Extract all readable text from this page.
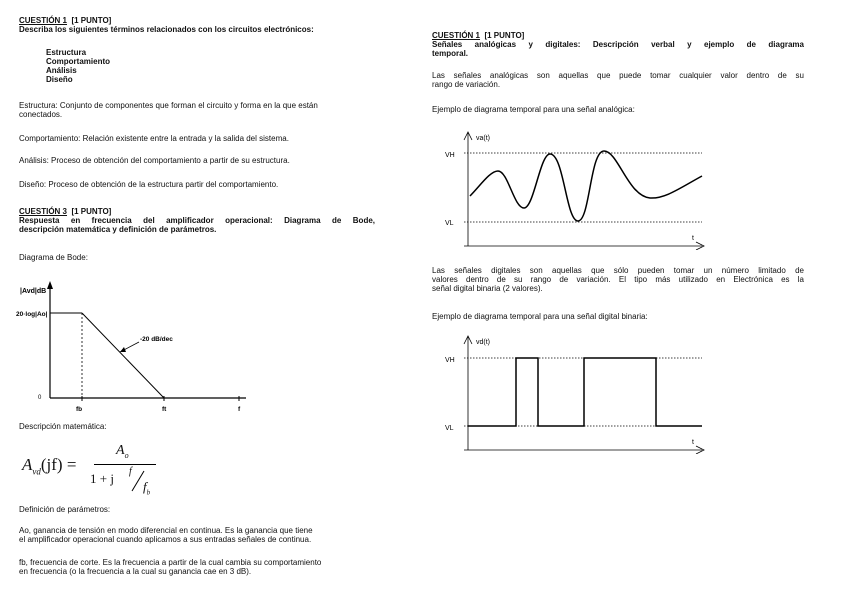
CUESTIÓN 1 [1 PUNTO]
Describa los siguientes términos relacionados con los circuitos electrónicos:
Estructura
Comportamiento
Análisis
Diseño
Estructura: Conjunto de componentes que forman el circuito y forma en la que están
conectados.
Comportamiento: Relación existente entre la entrada y la salida del sistema.
Análisis: Proceso de obtención del comportamiento a partir de su estructura.
Diseño: Proceso de obtención de la estructura partir del comportamiento.
CUESTIÓN 3 [1 PUNTO]
Respuesta en frecuencia del amplificador operacional: Diagrama de Bode,
descripción matemática y definición de parámetros.
Diagrama de Bode:
|Avd|dB
20·log|Ao|
-20 dB/dec
0
fb	ft	f
Descripción matemática:
$A_{vd}(jf)$ =
$A_o$
1 + j f
$f_b$
Definición de parámetros:
Ao, ganancia de tensión en modo diferencial en continua. Es la ganancia que tiene
el amplificador operacional cuando aplicamos a sus entradas señales de continua.
fb, frecuencia de corte. Es la frecuencia a partir de la cual cambia su comportamiento
en frecuencia (o la frecuencia a la cual su ganancia cae en 3 dB).
CUESTIÓN 1 [1 PUNTO]
Señales analógicas y digitales: Descripción verbal y ejemplo de diagrama
temporal.
Las señales analógicas son aquellas que puede tomar cualquier valor dentro de su
rango de variación.
Ejemplo de diagrama temporal para una señal analógica:
va(t)
VH
VL
t
Las señales digitales son aquellas que sólo pueden tomar un número limitado de
valores dentro de su rango de variación. El tipo más utilizado en Electrónica es la
señal digital binaria (2 valores).
Ejemplo de diagrama temporal para una señal digital binaria:
vd(t)
VH
VL
t
